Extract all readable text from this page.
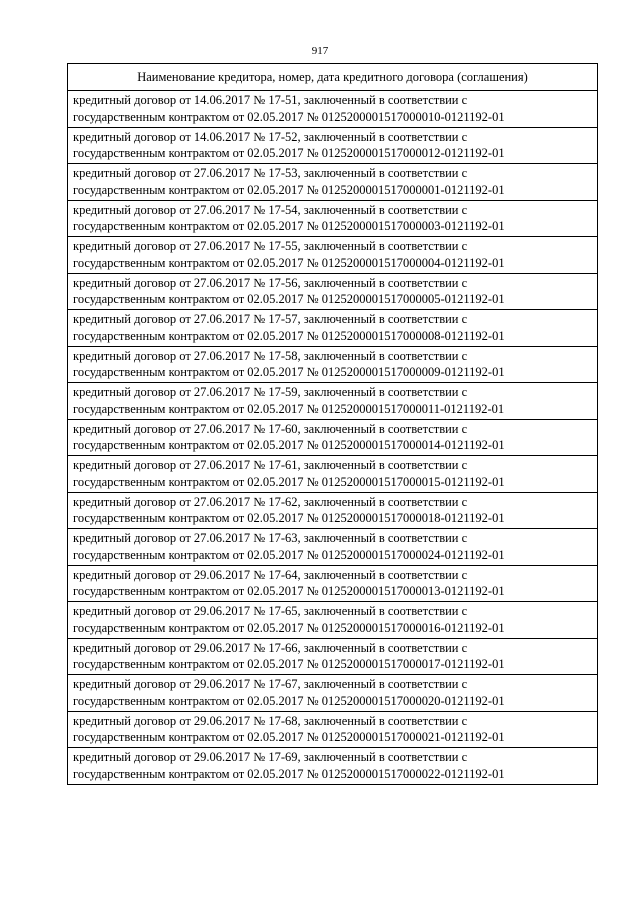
917
Наименование кредитора, номер, дата кредитного договора (соглашения)

кредитный договор от 14.06.2017 № 17-51, заключенный в соответствии с
государственным контрактом от 02.05.2017 № 0125200001517000010-0121192-01

кредитный договор от 14.06.2017 № 17-52, заключенный в соответствии с
государственным контрактом от 02.05.2017 № 0125200001517000012-0121192-01

кредитный договор от 27.06.2017 № 17-53, заключенный в соответствии с
государственным контрактом от 02.05.2017 № 0125200001517000001-0121192-01

кредитный договор от 27.06.2017 № 17-54, заключенный в соответствии с
государственным контрактом от 02.05.2017 № 0125200001517000003-0121192-01

кредитный договор от 27.06.2017 № 17-55, заключенный в соответствии с
государственным контрактом от 02.05.2017 № 0125200001517000004-0121192-01

кредитный договор от 27.06.2017 № 17-56, заключенный в соответствии с
государственным контрактом от 02.05.2017 № 0125200001517000005-0121192-01

кредитный договор от 27.06.2017 № 17-57, заключенный в соответствии с
государственным контрактом от 02.05.2017 № 0125200001517000008-0121192-01

кредитный договор от 27.06.2017 № 17-58, заключенный в соответствии с
государственным контрактом от 02.05.2017 № 0125200001517000009-0121192-01

кредитный договор от 27.06.2017 № 17-59, заключенный в соответствии с
государственным контрактом от 02.05.2017 № 0125200001517000011-0121192-01

кредитный договор от 27.06.2017 № 17-60, заключенный в соответствии с
государственным контрактом от 02.05.2017 № 0125200001517000014-0121192-01

кредитный договор от 27.06.2017 № 17-61, заключенный в соответствии с
государственным контрактом от 02.05.2017 № 0125200001517000015-0121192-01

кредитный договор от 27.06.2017 № 17-62, заключенный в соответствии с
государственным контрактом от 02.05.2017 № 0125200001517000018-0121192-01

кредитный договор от 27.06.2017 № 17-63, заключенный в соответствии с
государственным контрактом от 02.05.2017 № 0125200001517000024-0121192-01

кредитный договор от 29.06.2017 № 17-64, заключенный в соответствии с
государственным контрактом от 02.05.2017 № 0125200001517000013-0121192-01

кредитный договор от 29.06.2017 № 17-65, заключенный в соответствии с
государственным контрактом от 02.05.2017 № 0125200001517000016-0121192-01

кредитный договор от 29.06.2017 № 17-66, заключенный в соответствии с
государственным контрактом от 02.05.2017 № 0125200001517000017-0121192-01

кредитный договор от 29.06.2017 № 17-67, заключенный в соответствии с
государственным контрактом от 02.05.2017 № 0125200001517000020-0121192-01

кредитный договор от 29.06.2017 № 17-68, заключенный в соответствии с
государственным контрактом от 02.05.2017 № 0125200001517000021-0121192-01

кредитный договор от 29.06.2017 № 17-69, заключенный в соответствии с
государственным контрактом от 02.05.2017 № 0125200001517000022-0121192-01
